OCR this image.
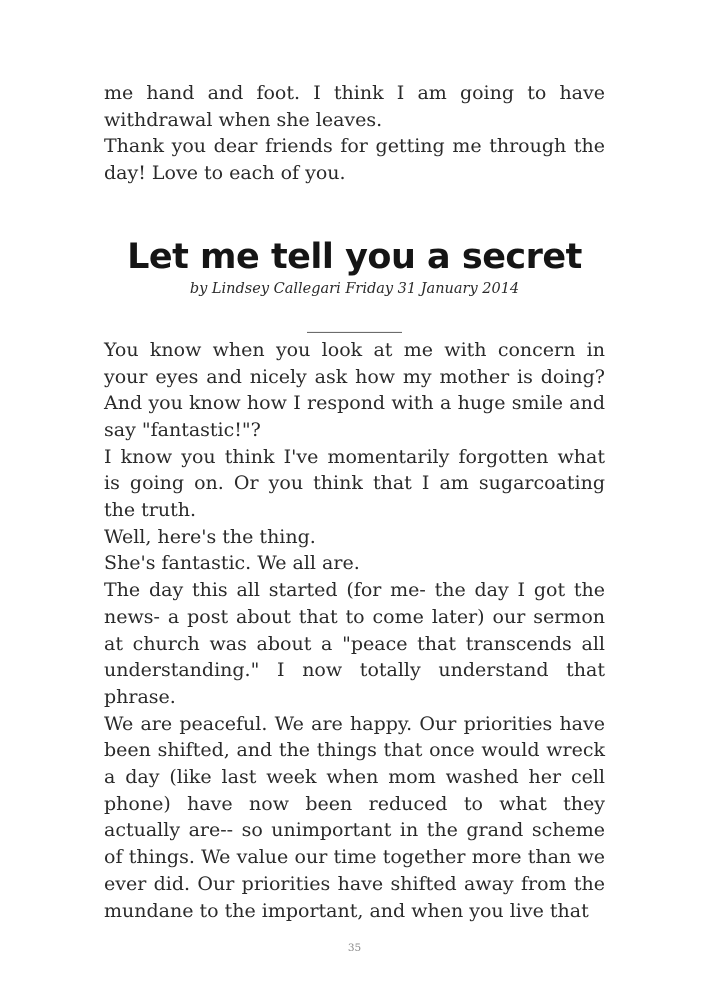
me hand and foot. I think I am going to have withdrawal when she leaves.

Thank you dear friends for getting me through the day! Love to each of you.

Let me tell you a secret
by Lindsey Callegari Friday 31 January 2014
__________

You know when you look at me with concern in your eyes and nicely ask how my mother is doing? And you know how I respond with a huge smile and say "fantastic!"?

I know you think I've momentarily forgotten what is going on. Or you think that I am sugarcoating the truth.

Well, here's the thing.

She's fantastic. We all are.

The day this all started (for me- the day I got the news- a post about that to come later) our sermon at church was about a "peace that transcends all understanding." I now totally understand that phrase.

We are peaceful. We are happy. Our priorities have been shifted, and the things that once would wreck a day (like last week when mom washed her cell phone) have now been reduced to what they actually are-- so unimportant in the grand scheme of things. We value our time together more than we ever did. Our priorities have shifted away from the mundane to the important, and when you live that

35
